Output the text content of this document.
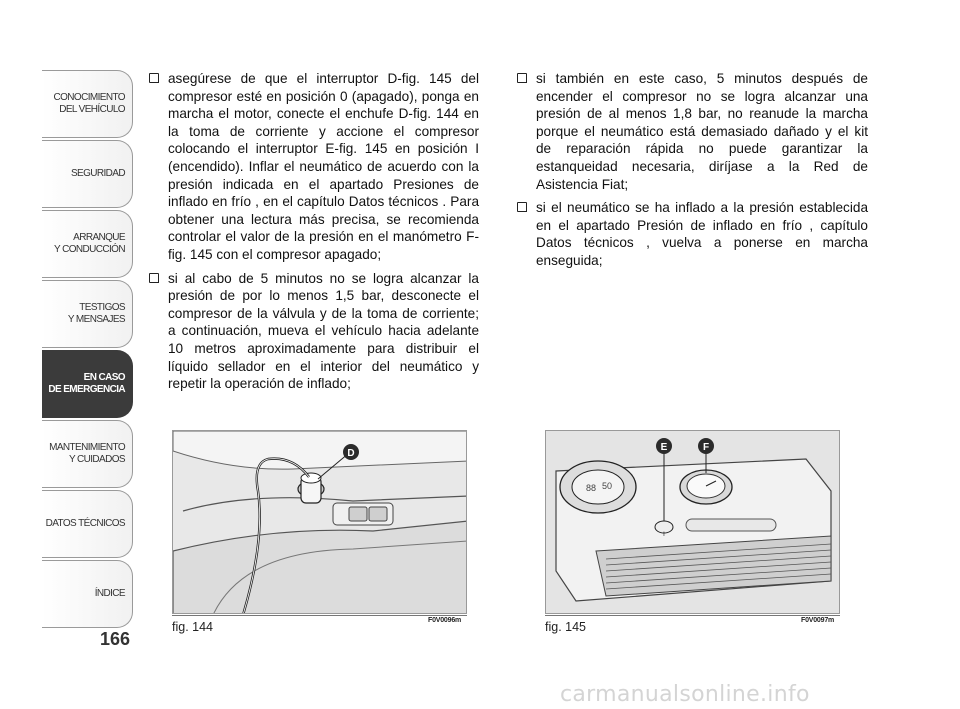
CONOCIMIENTO
DEL VEHÍCULO
SEGURIDAD
ARRANQUE
Y CONDUCCIÓN
TESTIGOS
Y MENSAJES
EN CASO
DE EMERGENCIA
MANTENIMIENTO
Y CUIDADOS
DATOS TÉCNICOS
ÍNDICE
166
asegúrese de que el interruptor D-fig. 145 del compresor esté en posición 0 (apagado), ponga en marcha el motor, conecte el enchufe D-fig. 144 en la toma de corriente y accione el compresor colocando el interruptor E-fig. 145 en posición I (encendido). Inflar el neumático de acuerdo con la presión indicada en el apartado Presiones de inflado en frío , en el capítulo Datos técnicos . Para obtener una lectura más precisa, se recomienda controlar el valor de la presión en el manómetro F-fig. 145 con el compresor apagado;
si al cabo de 5 minutos no se logra alcanzar la presión de por lo menos 1,5 bar, desconecte el compresor de la válvula y de la toma de corriente; a continuación, mueva el vehículo hacia adelante 10 metros aproximadamente para distribuir el líquido sellador en el interior del neumático y repetir la operación de inflado;
si también en este caso, 5 minutos después de encender el compresor no se logra alcanzar una presión de al menos 1,8 bar, no reanude la marcha porque el neumático está demasiado dañado y el kit de reparación rápida no puede garantizar la estanqueidad necesaria, diríjase a la Red de Asistencia Fiat;
si el neumático se ha inflado a la presión establecida en el apartado Presión de inflado en frío , capítulo Datos técnicos , vuelva a ponerse en marcha enseguida;
D
fig. 144	F0V0096m
88 50
I
E	F
fig. 145	F0V0097m
carmanualsonline.info
